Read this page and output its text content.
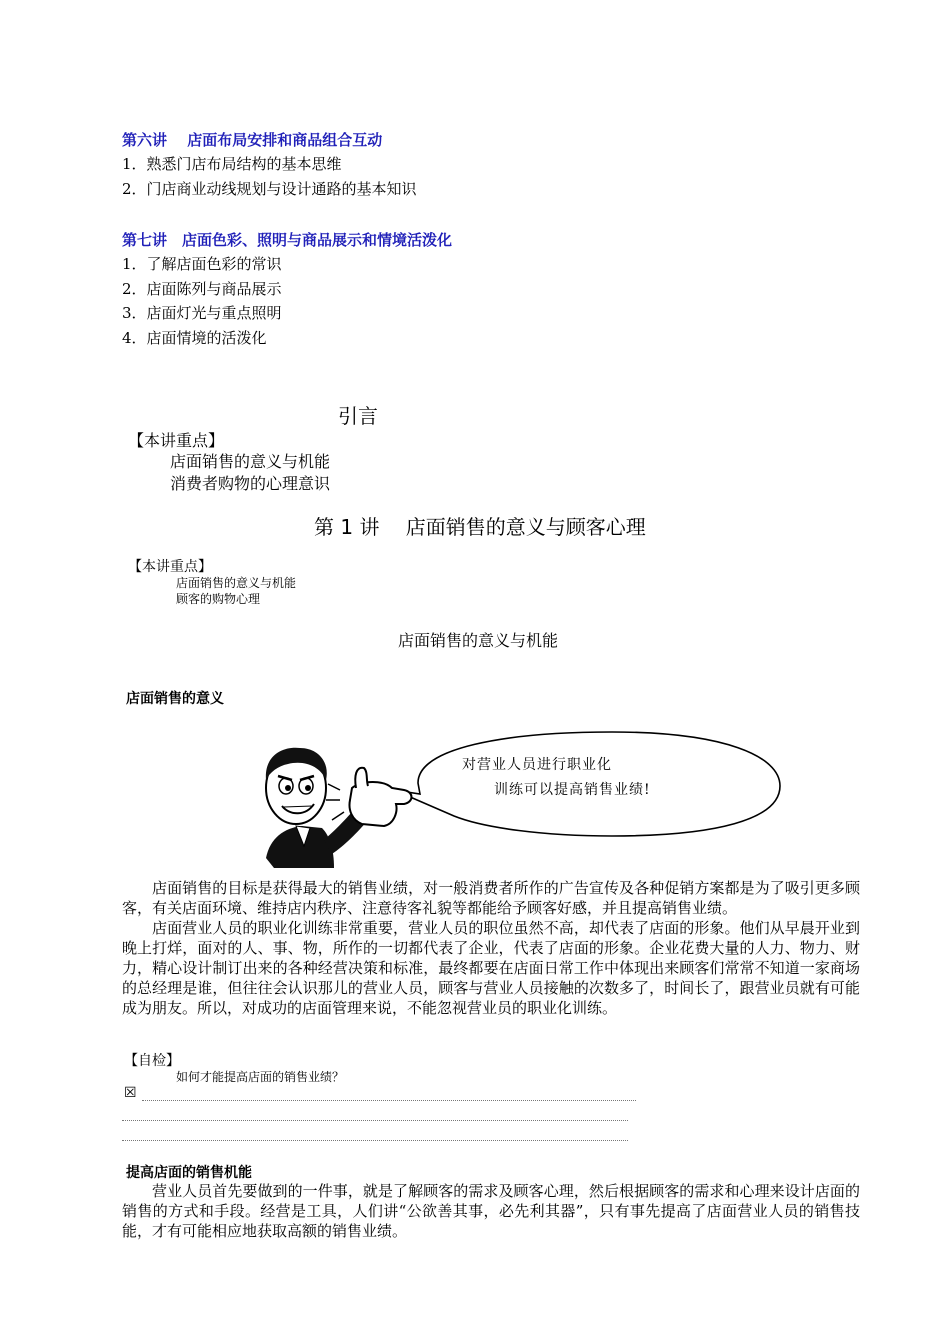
第六讲　 店面布局安排和商品组合互动
1．熟悉门店布局结构的基本思维
2．门店商业动线规划与设计通路的基本知识
第七讲　店面色彩、照明与商品展示和情境活泼化
1．了解店面色彩的常识
2．店面陈列与商品展示
3．店面灯光与重点照明
4．店面情境的活泼化
引言
【本讲重点】
店面销售的意义与机能
消费者购物的心理意识
第 1 讲　 店面销售的意义与顾客心理
【本讲重点】
店面销售的意义与机能
顾客的购物心理
店面销售的意义与机能
店面销售的意义
对营业人员进行职业化
训练可以提高销售业绩!
店面销售的目标是获得最大的销售业绩，对一般消费者所作的广告宣传及各种促销方案都是为了吸引更多顾客，有关店面环境、维持店内秩序、注意待客礼貌等都能给予顾客好感，并且提高销售业绩。
店面营业人员的职业化训练非常重要，营业人员的职位虽然不高，却代表了店面的形象。他们从早晨开业到晚上打烊，面对的人、事、物，所作的一切都代表了企业，代表了店面的形象。企业花费大量的人力、物力、财力，精心设计制订出来的各种经营决策和标准，最终都要在店面日常工作中体现出来顾客们常常不知道一家商场的总经理是谁，但往往会认识那儿的营业人员，顾客与营业人员接触的次数多了，时间长了，跟营业员就有可能成为朋友。所以，对成功的店面管理来说，不能忽视营业员的职业化训练。
【自检】
如何才能提高店面的销售业绩？
☒
提高店面的销售机能
营业人员首先要做到的一件事，就是了解顾客的需求及顾客心理，然后根据顾客的需求和心理来设计店面的销售的方式和手段。经营是工具，人们讲“公欲善其事，必先利其器”，只有事先提高了店面营业人员的销售技能，才有可能相应地获取高额的销售业绩。
